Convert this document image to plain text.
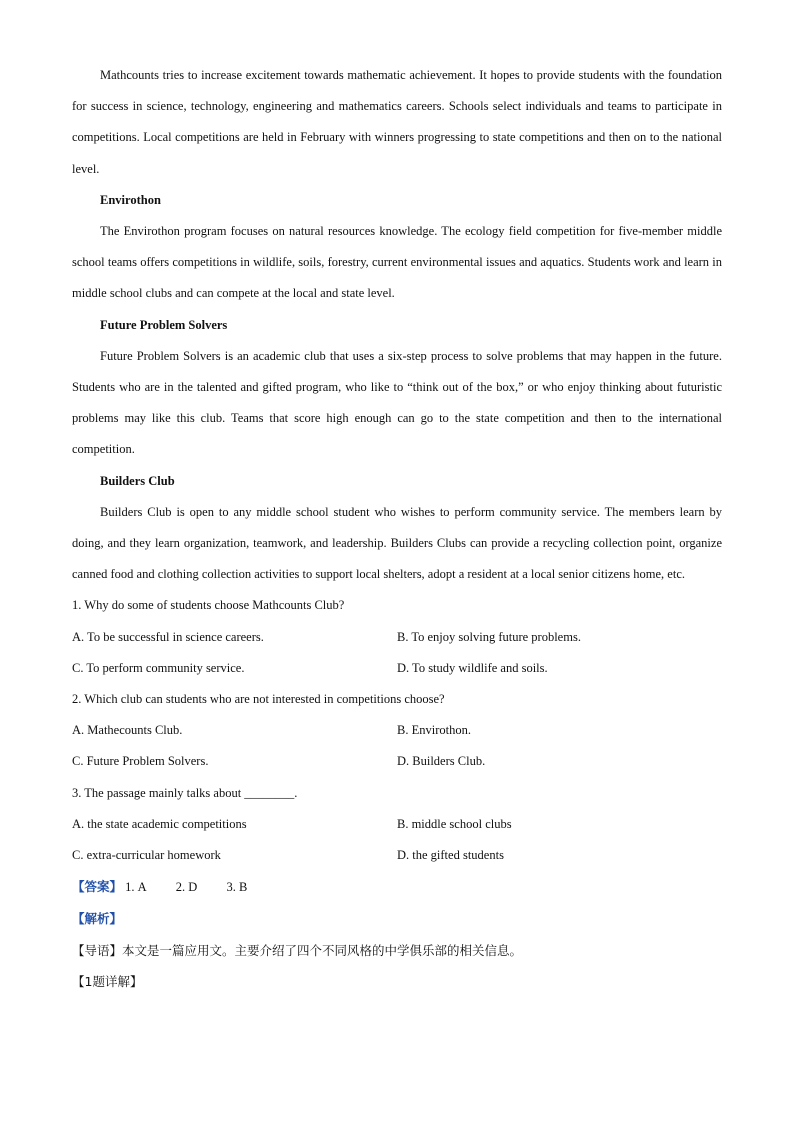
Mathcounts tries to increase excitement towards mathematic achievement. It hopes to provide students with the foundation for success in science, technology, engineering and mathematics careers. Schools select individuals and teams to participate in competitions. Local competitions are held in February with winners progressing to state competitions and then on to the national level.

Envirothon

The Envirothon program focuses on natural resources knowledge. The ecology field competition for five-member middle school teams offers competitions in wildlife, soils, forestry, current environmental issues and aquatics. Students work and learn in middle school clubs and can compete at the local and state level.

Future Problem Solvers

Future Problem Solvers is an academic club that uses a six-step process to solve problems that may happen in the future. Students who are in the talented and gifted program, who like to “think out of the box,” or who enjoy thinking about futuristic problems may like this club. Teams that score high enough can go to the state competition and then to the international competition.

Builders Club

Builders Club is open to any middle school student who wishes to perform community service. The members learn by doing, and they learn organization, teamwork, and leadership. Builders Clubs can provide a recycling collection point, organize canned food and clothing collection activities to support local shelters, adopt a resident at a local senior citizens home, etc.

1. Why do some of students choose Mathcounts Club?

A. To be successful in science careers.	B. To enjoy solving future problems.
C. To perform community service.	D. To study wildlife and soils.

2. Which club can students who are not interested in competitions choose?

A. Mathecounts Club.	B. Envirothon.
C. Future Problem Solvers.	D. Builders Club.

3. The passage mainly talks about ________.

A. the state academic competitions	B. middle school clubs
C. extra-curricular homework	D. the gifted students

【答案】 1. A 2. D 3. B

【解析】

【导语】本文是一篇应用文。主要介绍了四个不同风格的中学俱乐部的相关信息。

【1题详解】
